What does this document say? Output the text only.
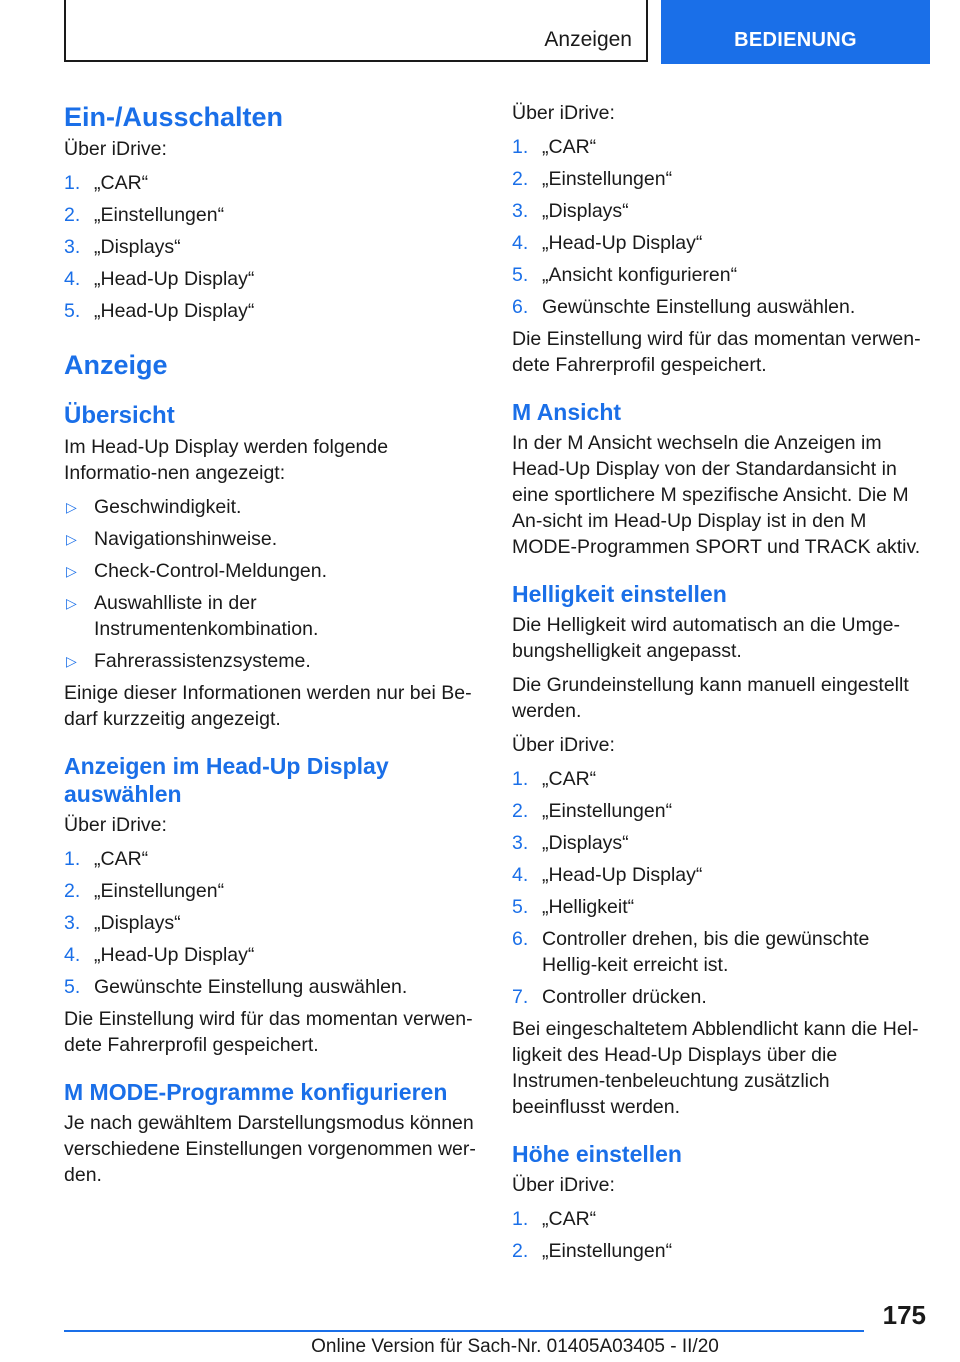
Anzeigen	BEDIENUNG
Ein-/Ausschalten

Über iDrive:

1. „CAR“
2. „Einstellungen“
3. „Displays“
4. „Head-Up Display“
5. „Head-Up Display“
Anzeige
Übersicht

Im Head-Up Display werden folgende Informatio-nen angezeigt:

▷ Geschwindigkeit.
▷ Navigationshinweise.
▷ Check-Control-Meldungen.
▷ Auswahlliste in der Instrumentenkombination.
▷ Fahrerassistenzsysteme.

Einige dieser Informationen werden nur bei Be-darf kurzzeitig angezeigt.

Anzeigen im Head-Up Display auswählen

Über iDrive:

1. „CAR“
2. „Einstellungen“
3. „Displays“
4. „Head-Up Display“
5. Gewünschte Einstellung auswählen.

Die Einstellung wird für das momentan verwen-dete Fahrerprofil gespeichert.

M MODE-Programme konfigurieren

Je nach gewähltem Darstellungsmodus können verschiedene Einstellungen vorgenommen wer-den.

Über iDrive:

1. „CAR“
2. „Einstellungen“
3. „Displays“
4. „Head-Up Display“
5. „Ansicht konfigurieren“
6. Gewünschte Einstellung auswählen.

Die Einstellung wird für das momentan verwen-dete Fahrerprofil gespeichert.

M Ansicht

In der M Ansicht wechseln die Anzeigen im Head-Up Display von der Standardansicht in eine sportlichere M spezifische Ansicht. Die M An-sicht im Head-Up Display ist in den M MODE-Programmen SPORT und TRACK aktiv.

Helligkeit einstellen

Die Helligkeit wird automatisch an die Umge-bungshelligkeit angepasst.

Die Grundeinstellung kann manuell eingestellt werden.

Über iDrive:

1. „CAR“
2. „Einstellungen“
3. „Displays“
4. „Head-Up Display“
5. „Helligkeit“
6. Controller drehen, bis die gewünschte Hellig-keit erreicht ist.
7. Controller drücken.

Bei eingeschaltetem Abblendlicht kann die Hel-ligkeit des Head-Up Displays über die Instrumen-tenbeleuchtung zusätzlich beeinflusst werden.

Höhe einstellen

Über iDrive:

1. „CAR“
2. „Einstellungen“
175
Online Version für Sach-Nr. 01405A03405 - II/20
